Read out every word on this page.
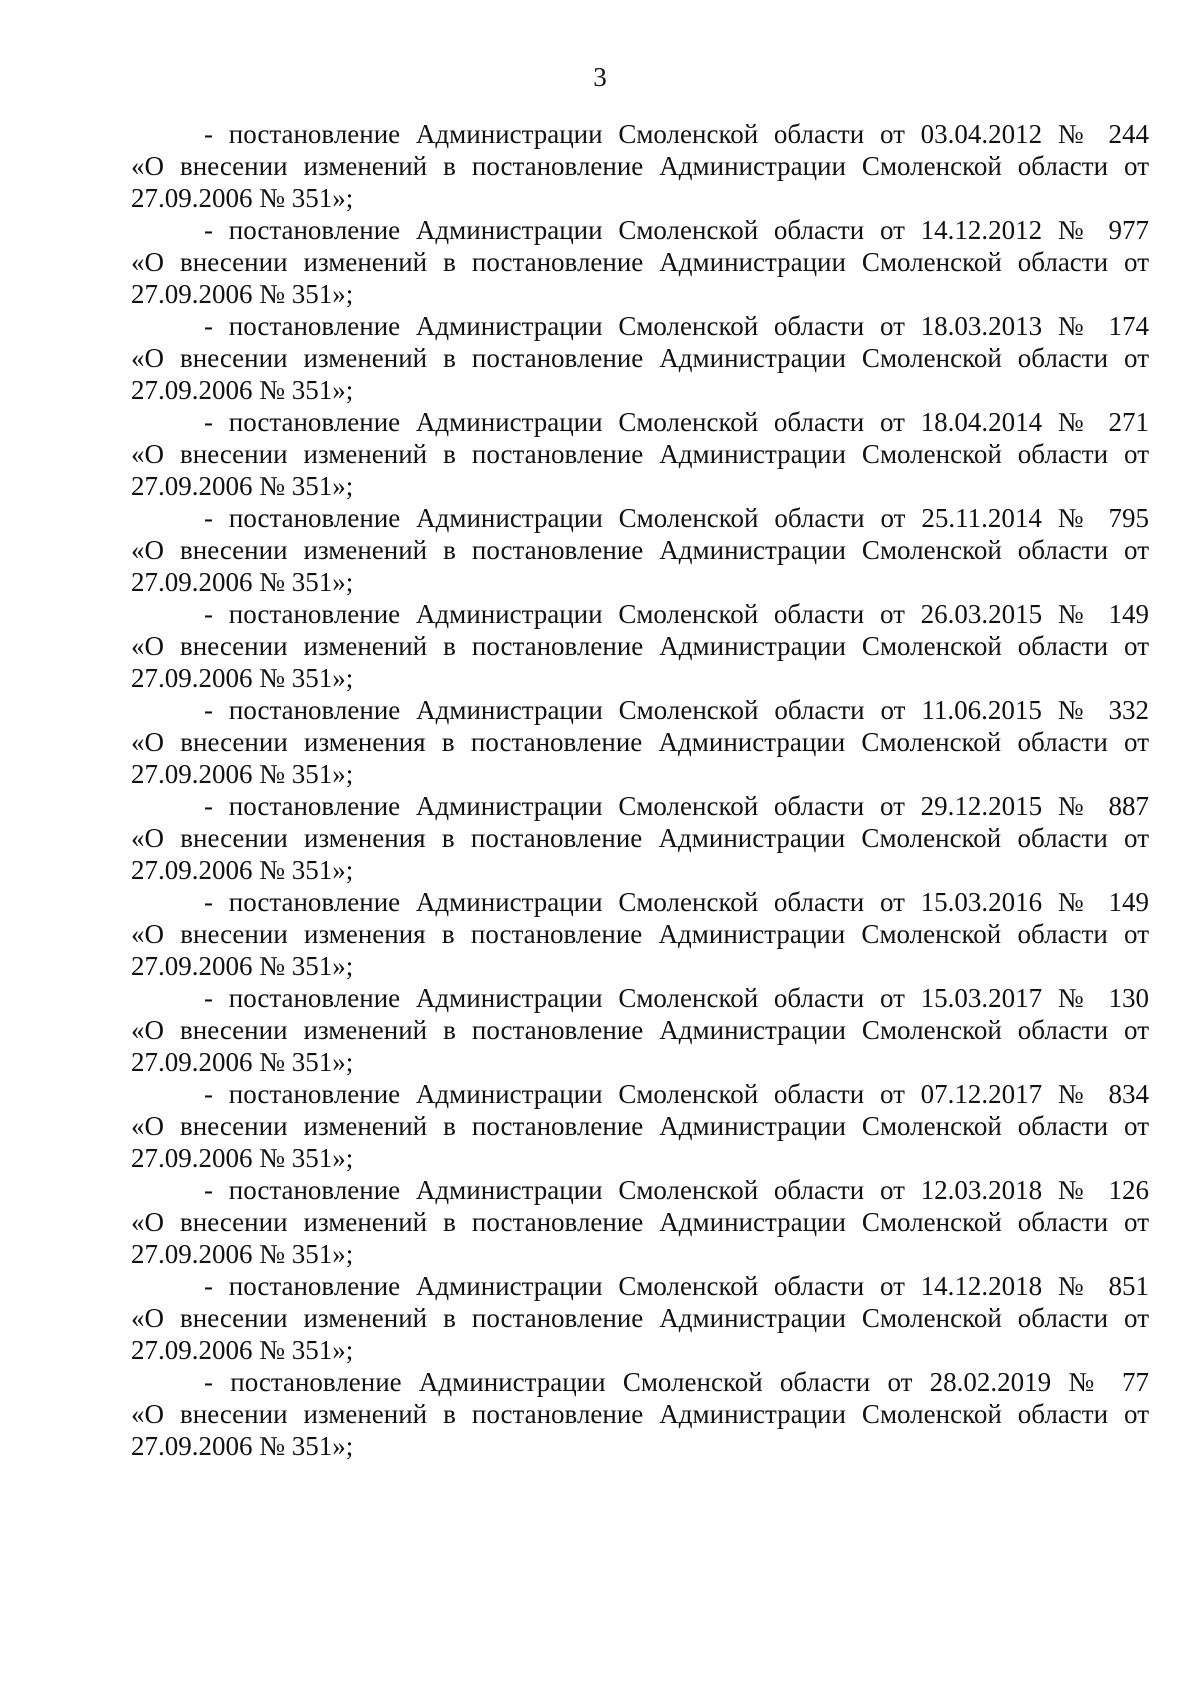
3

- постановление Администрации Смоленской области от 03.04.2012 № 244
«О внесении изменений в постановление Администрации Смоленской области от
27.09.2006 № 351»;

- постановление Администрации Смоленской области от 14.12.2012 № 977
«О внесении изменений в постановление Администрации Смоленской области от
27.09.2006 № 351»;

- постановление Администрации Смоленской области от 18.03.2013 № 174
«О внесении изменений в постановление Администрации Смоленской области от
27.09.2006 № 351»;

- постановление Администрации Смоленской области от 18.04.2014 № 271
«О внесении изменений в постановление Администрации Смоленской области от
27.09.2006 № 351»;

- постановление Администрации Смоленской области от 25.11.2014 № 795
«О внесении изменений в постановление Администрации Смоленской области от
27.09.2006 № 351»;

- постановление Администрации Смоленской области от 26.03.2015 № 149
«О внесении изменений в постановление Администрации Смоленской области от
27.09.2006 № 351»;

- постановление Администрации Смоленской области от 11.06.2015 № 332
«О внесении изменения в постановление Администрации Смоленской области от
27.09.2006 № 351»;

- постановление Администрации Смоленской области от 29.12.2015 № 887
«О внесении изменения в постановление Администрации Смоленской области от
27.09.2006 № 351»;

- постановление Администрации Смоленской области от 15.03.2016 № 149
«О внесении изменения в постановление Администрации Смоленской области от
27.09.2006 № 351»;

- постановление Администрации Смоленской области от 15.03.2017 № 130
«О внесении изменений в постановление Администрации Смоленской области от
27.09.2006 № 351»;

- постановление Администрации Смоленской области от 07.12.2017 № 834
«О внесении изменений в постановление Администрации Смоленской области от
27.09.2006 № 351»;

- постановление Администрации Смоленской области от 12.03.2018 № 126
«О внесении изменений в постановление Администрации Смоленской области от
27.09.2006 № 351»;

- постановление Администрации Смоленской области от 14.12.2018 № 851
«О внесении изменений в постановление Администрации Смоленской области от
27.09.2006 № 351»;

- постановление Администрации Смоленской области от 28.02.2019 № 77
«О внесении изменений в постановление Администрации Смоленской области от
27.09.2006 № 351»;
